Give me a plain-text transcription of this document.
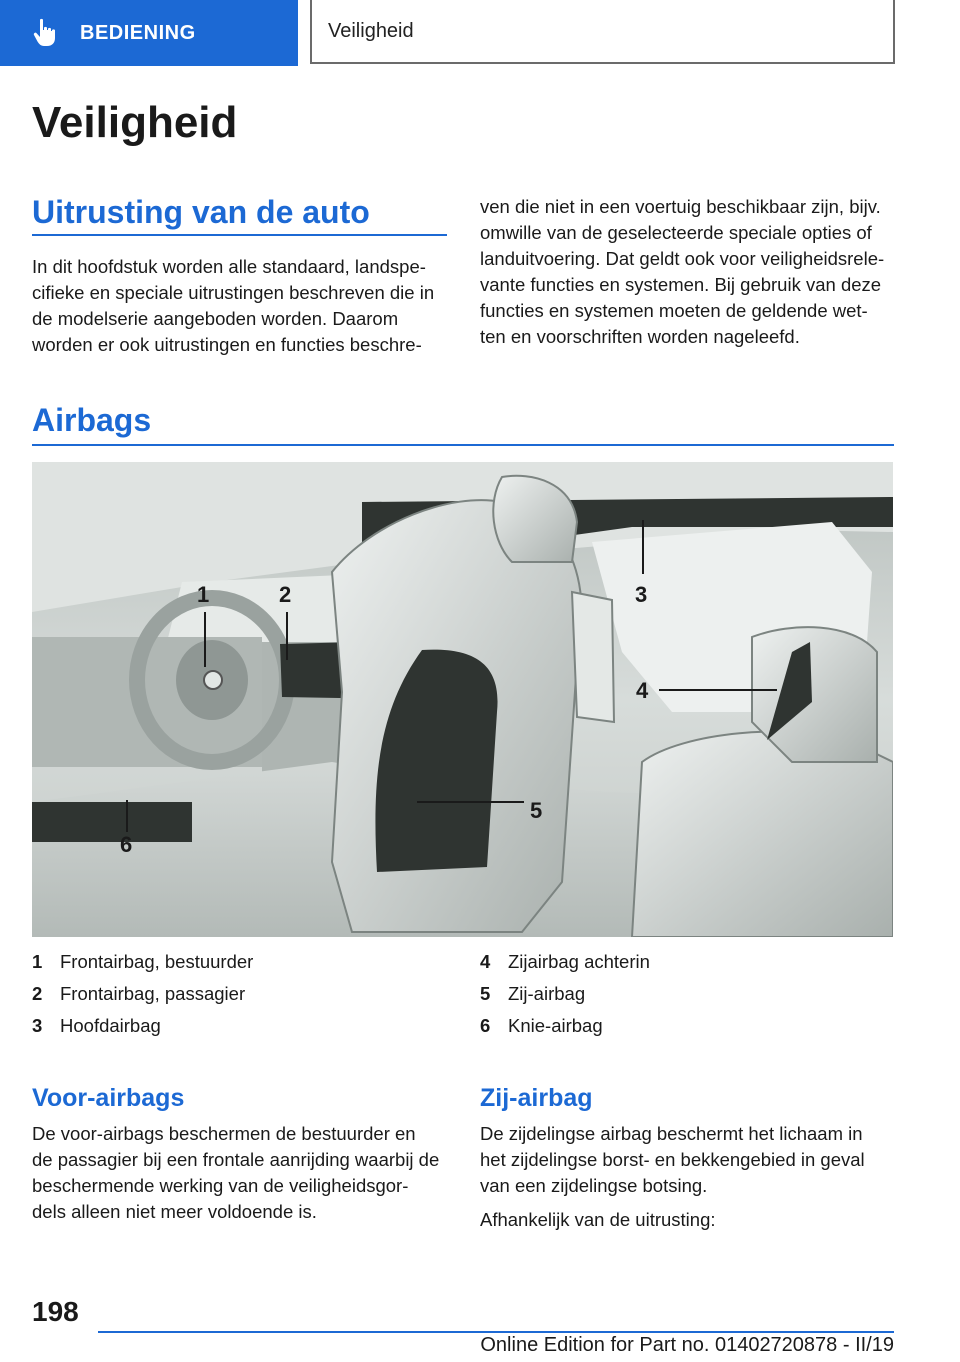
BEDIENING	Veiligheid
Veiligheid
Uitrusting van de auto

In dit hoofdstuk worden alle standaard, landspe-
cifieke en speciale uitrustingen beschreven die in
de modelserie aangeboden worden. Daarom
worden er ook uitrustingen en functies beschre-

ven die niet in een voertuig beschikbaar zijn, bijv.
omwille van de geselecteerde speciale opties of
landuitvoering. Dat geldt ook voor veiligheidsrele-
vante functies en systemen. Bij gebruik van deze
functies en systemen moeten de geldende wet-
ten en voorschriften worden nageleefd.

Airbags
1	2	3
4
5
6
1 Frontairbag, bestuurder
2 Frontairbag, passagier
3 Hoofdairbag
4 Zijairbag achterin
5 Zij-airbag
6 Knie-airbag
Voor-airbags

De voor-airbags beschermen de bestuurder en
de passagier bij een frontale aanrijding waarbij de
beschermende werking van de veiligheidsgor-
dels alleen niet meer voldoende is.

Zij-airbag

De zijdelingse airbag beschermt het lichaam in
het zijdelingse borst- en bekkengebied in geval
van een zijdelingse botsing.

Afhankelijk van de uitrusting:

198
Online Edition for Part no. 01402720878 - II/19
